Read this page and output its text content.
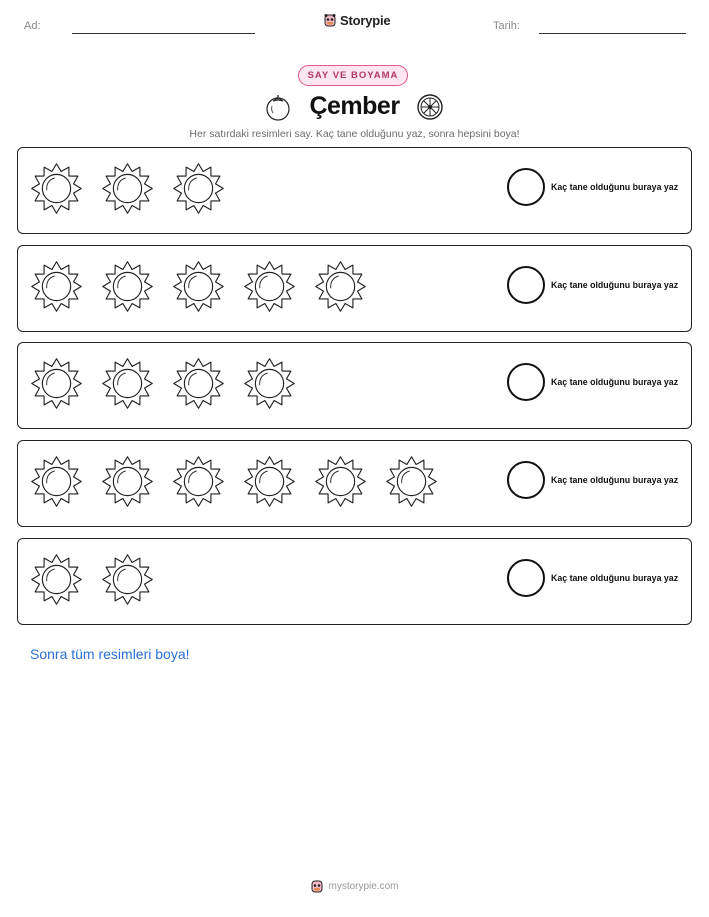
Ad:	Storypie	Tarih:
SAY VE BOYAMA
Çember
Her satırdaki resimleri say. Kaç tane olduğunu yaz, sonra hepsini boya!
Kaç tane olduğunu buraya yaz
Kaç tane olduğunu buraya yaz
Kaç tane olduğunu buraya yaz
Kaç tane olduğunu buraya yaz
Kaç tane olduğunu buraya yaz
Sonra tüm resimleri boya!
mystorypie.com
